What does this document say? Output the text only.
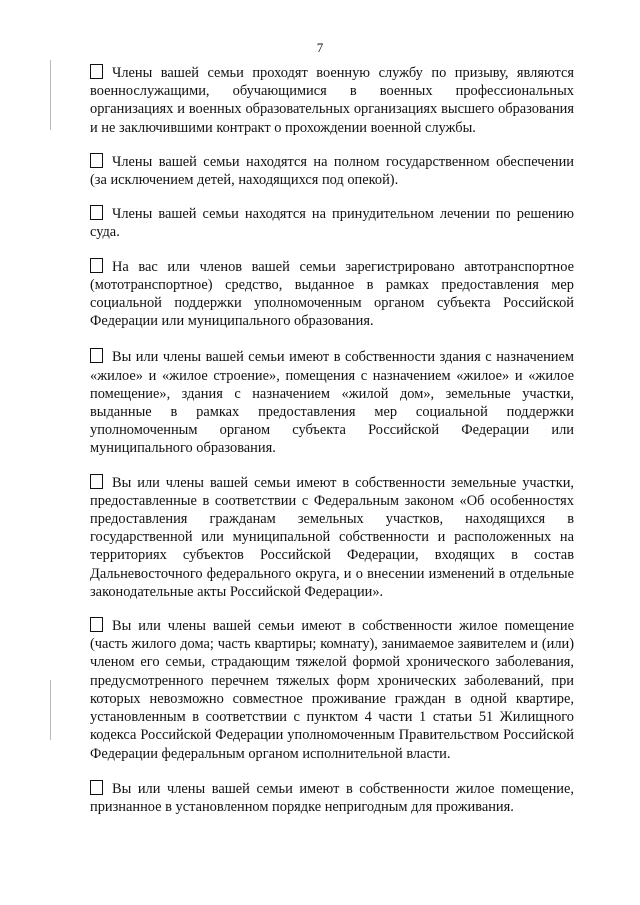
7

Члены вашей семьи проходят военную службу по призыву, являются военнослужащими, обучающимися в военных профессиональных организациях и военных образовательных организациях высшего образования и не заключившими контракт о прохождении военной службы.

Члены вашей семьи находятся на полном государственном обеспечении (за исключением детей, находящихся под опекой).

Члены вашей семьи находятся на принудительном лечении по решению суда.

На вас или членов вашей семьи зарегистрировано автотранспортное (мототранспортное) средство, выданное в рамках предоставления мер социальной поддержки уполномоченным органом субъекта Российской Федерации или муниципального образования.

Вы или члены вашей семьи имеют в собственности здания с назначением «жилое» и «жилое строение», помещения с назначением «жилое» и «жилое помещение», здания с назначением «жилой дом», земельные участки, выданные в рамках предоставления мер социальной поддержки уполномоченным органом субъекта Российской Федерации или муниципального образования.

Вы или члены вашей семьи имеют в собственности земельные участки, предоставленные в соответствии с Федеральным законом «Об особенностях предоставления гражданам земельных участков, находящихся в государственной или муниципальной собственности и расположенных на территориях субъектов Российской Федерации, входящих в состав Дальневосточного федерального округа, и о внесении изменений в отдельные законодательные акты Российской Федерации».

Вы или члены вашей семьи имеют в собственности жилое помещение (часть жилого дома; часть квартиры; комнату), занимаемое заявителем и (или) членом его семьи, страдающим тяжелой формой хронического заболевания, предусмотренного перечнем тяжелых форм хронических заболеваний, при которых невозможно совместное проживание граждан в одной квартире, установленным в соответствии с пунктом 4 части 1 статьи 51 Жилищного кодекса Российской Федерации уполномоченным Правительством Российской Федерации федеральным органом исполнительной власти.

Вы или члены вашей семьи имеют в собственности жилое помещение, признанное в установленном порядке непригодным для проживания.
